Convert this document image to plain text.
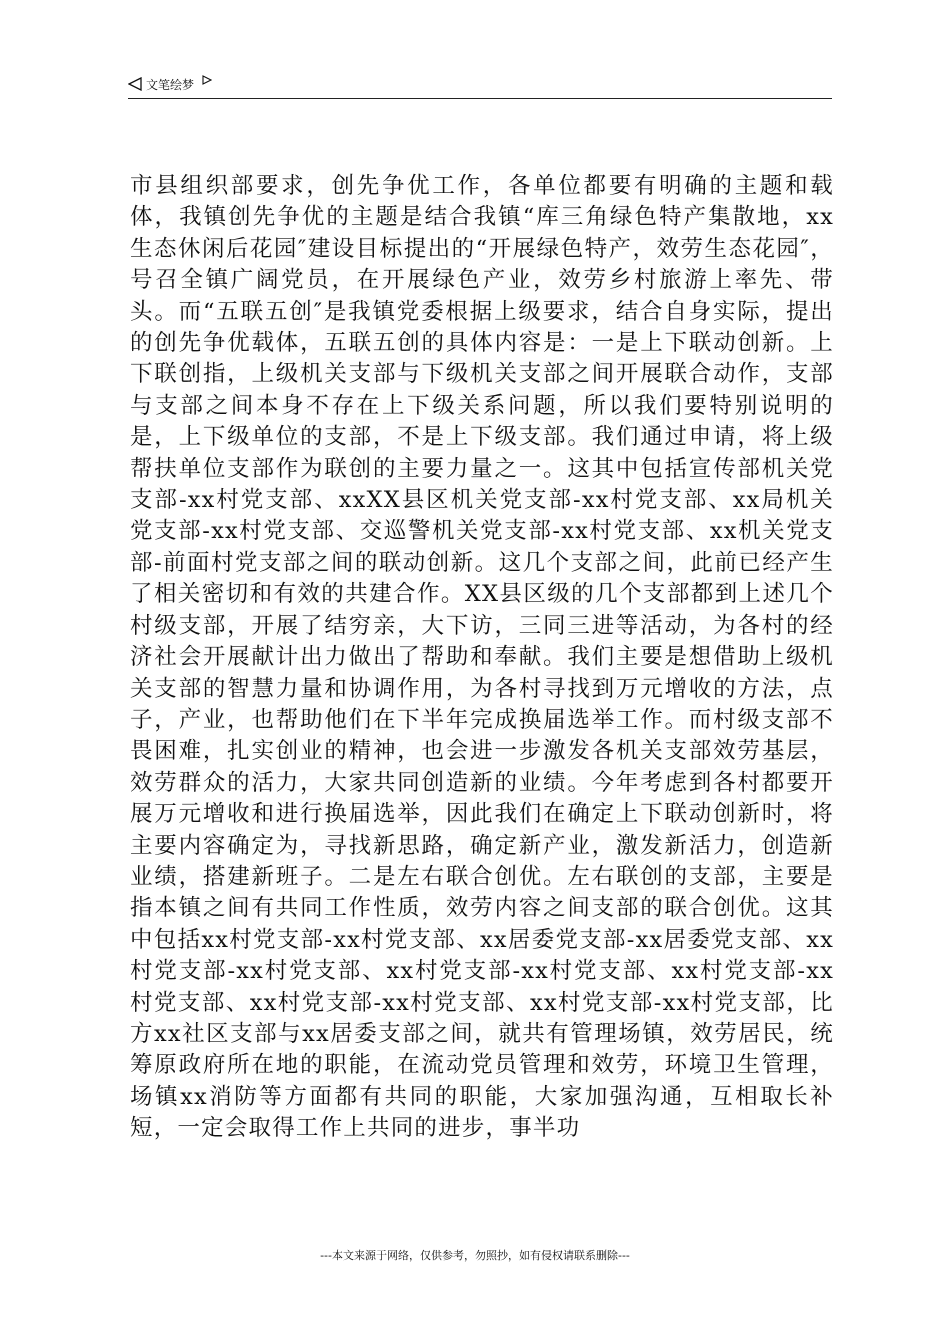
文笔绘梦
市县组织部要求，创先争优工作，各单位都要有明确的主题和载体，我镇创先争优的主题是结合我镇“库三角绿色特产集散地，xx生态休闲后花园″建设目标提出的“开展绿色特产，效劳生态花园″，号召全镇广阔党员，在开展绿色产业，效劳乡村旅游上率先、带头。而“五联五创″是我镇党委根据上级要求，结合自身实际，提出的创先争优载体，五联五创的具体内容是：一是上下联动创新。上下联创指，上级机关支部与下级机关支部之间开展联合动作，支部与支部之间本身不存在上下级关系问题，所以我们要特别说明的是，上下级单位的支部，不是上下级支部。我们通过申请，将上级帮扶单位支部作为联创的主要力量之一。这其中包括宣传部机关党支部-xx村党支部、xxXX县区机关党支部-xx村党支部、xx局机关党支部-xx村党支部、交巡警机关党支部-xx村党支部、xx机关党支部-前面村党支部之间的联动创新。这几个支部之间，此前已经产生了相关密切和有效的共建合作。XX县区级的几个支部都到上述几个村级支部，开展了结穷亲，大下访，三同三进等活动，为各村的经济社会开展献计出力做出了帮助和奉献。我们主要是想借助上级机关支部的智慧力量和协调作用，为各村寻找到万元增收的方法，点子，产业，也帮助他们在下半年完成换届选举工作。而村级支部不畏困难，扎实创业的精神，也会进一步激发各机关支部效劳基层，效劳群众的活力，大家共同创造新的业绩。今年考虑到各村都要开展万元增收和进行换届选举，因此我们在确定上下联动创新时，将主要内容确定为，寻找新思路，确定新产业，激发新活力，创造新业绩，搭建新班子。二是左右联合创优。左右联创的支部，主要是指本镇之间有共同工作性质，效劳内容之间支部的联合创优。这其中包括xx村党支部-xx村党支部、xx居委党支部-xx居委党支部、xx村党支部-xx村党支部、xx村党支部-xx村党支部、xx村党支部-xx村党支部、xx村党支部-xx村党支部、xx村党支部-xx村党支部，比方xx社区支部与xx居委支部之间，就共有管理场镇，效劳居民，统筹原政府所在地的职能，在流动党员管理和效劳，环境卫生管理，场镇xx消防等方面都有共同的职能，大家加强沟通，互相取长补短，一定会取得工作上共同的进步，事半功
---本文来源于网络，仅供参考，勿照抄，如有侵权请联系删除---
